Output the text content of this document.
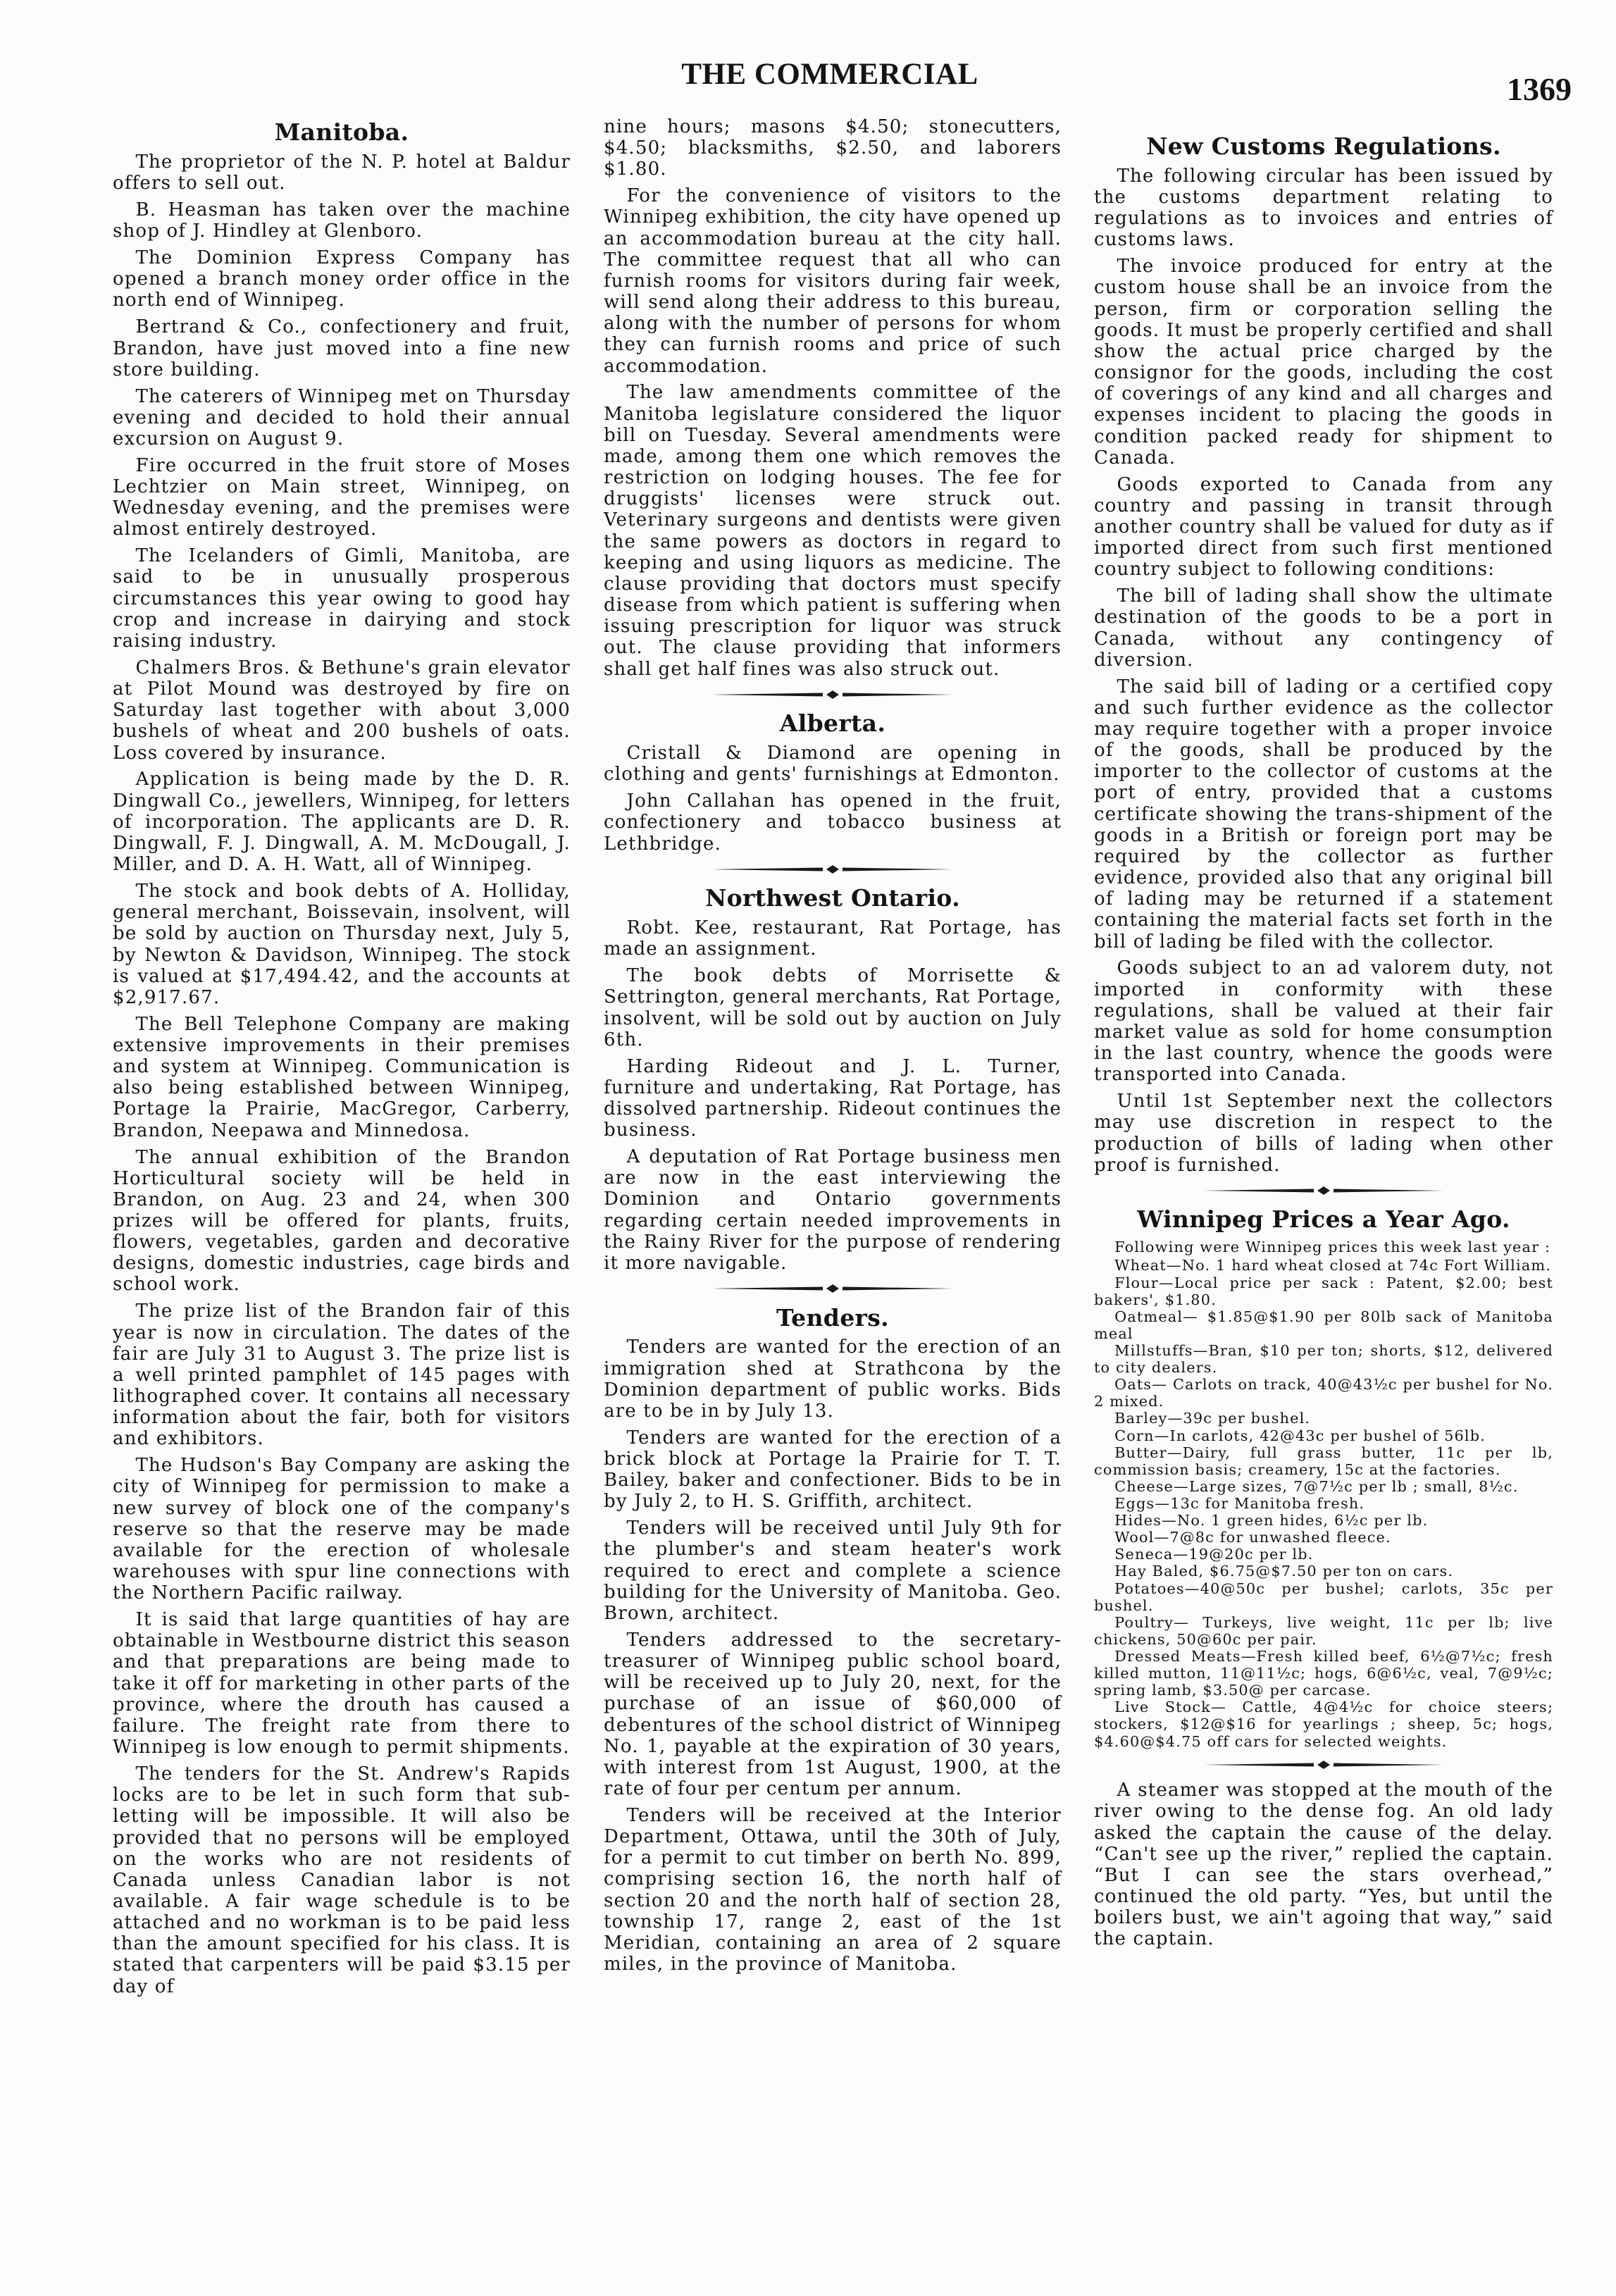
THE COMMERCIAL	1369
Manitoba.

The proprietor of the N. P. hotel at Baldur offers to sell out.

B. Heasman has taken over the machine shop of J. Hindley at Glenboro.

The Dominion Express Company has opened a branch money order office in the north end of Winnipeg.

Bertrand & Co., confectionery and fruit, Brandon, have just moved into a fine new store building.

The caterers of Winnipeg met on Thursday evening and decided to hold their annual excursion on August 9.

Fire occurred in the fruit store of Moses Lechtzier on Main street, Winnipeg, on Wednesday evening, and the premises were almost entirely destroyed.

The Icelanders of Gimli, Manitoba, are said to be in unusually prosperous circumstances this year owing to good hay crop and increase in dairying and stock raising industry.

Chalmers Bros. & Bethune's grain elevator at Pilot Mound was destroyed by fire on Saturday last together with about 3,000 bushels of wheat and 200 bushels of oats. Loss covered by insurance.

Application is being made by the D. R. Dingwall Co., jewellers, Winnipeg, for letters of incorporation. The applicants are D. R. Dingwall, F. J. Dingwall, A. M. McDougall, J. Miller, and D. A. H. Watt, all of Winnipeg.

The stock and book debts of A. Holliday, general merchant, Boissevain, insolvent, will be sold by auction on Thursday next, July 5, by Newton & Davidson, Winnipeg. The stock is valued at $17,494.42, and the accounts at $2,917.67.

The Bell Telephone Company are making extensive improvements in their premises and system at Winnipeg. Communication is also being established between Winnipeg, Portage la Prairie, MacGregor, Carberry, Brandon, Neepawa and Minnedosa.

The annual exhibition of the Brandon Horticultural society will be held in Brandon, on Aug. 23 and 24, when 300 prizes will be offered for plants, fruits, flowers, vegetables, garden and decorative designs, domestic industries, cage birds and school work.

The prize list of the Brandon fair of this year is now in circulation. The dates of the fair are July 31 to August 3. The prize list is a well printed pamphlet of 145 pages with lithographed cover. It contains all necessary information about the fair, both for visitors and exhibitors.

The Hudson's Bay Company are asking the city of Winnipeg for permission to make a new survey of block one of the company's reserve so that the reserve may be made available for the erection of wholesale warehouses with spur line connections with the Northern Pacific railway.

It is said that large quantities of hay are obtainable in Westbourne district this season and that preparations are being made to take it off for marketing in other parts of the province, where the drouth has caused a failure. The freight rate from there to Winnipeg is low enough to permit shipments.

The tenders for the St. Andrew's Rapids locks are to be let in such form that sub-letting will be impossible. It will also be provided that no persons will be employed on the works who are not residents of Canada unless Canadian labor is not available. A fair wage schedule is to be attached and no workman is to be paid less than the amount specified for his class. It is stated that carpenters will be paid $3.15 per day of

nine hours; masons $4.50; stonecutters, $4.50; blacksmiths, $2.50, and laborers $1.80.

For the convenience of visitors to the Winnipeg exhibition, the city have opened up an accommodation bureau at the city hall. The committee request that all who can furnish rooms for visitors during fair week, will send along their address to this bureau, along with the number of persons for whom they can furnish rooms and price of such accommodation.

The law amendments committee of the Manitoba legislature considered the liquor bill on Tuesday. Several amendments were made, among them one which removes the restriction on lodging houses. The fee for druggists' licenses were struck out. Veterinary surgeons and dentists were given the same powers as doctors in regard to keeping and using liquors as medicine. The clause providing that doctors must specify disease from which patient is suffering when issuing prescription for liquor was struck out. The clause providing that informers shall get half fines was also struck out.

Alberta.

Cristall & Diamond are opening in clothing and gents' furnishings at Edmonton.

John Callahan has opened in the fruit, confectionery and tobacco business at Lethbridge.

Northwest Ontario.

Robt. Kee, restaurant, Rat Portage, has made an assignment.

The book debts of Morrisette & Settrington, general merchants, Rat Portage, insolvent, will be sold out by auction on July 6th.

Harding Rideout and J. L. Turner, furniture and undertaking, Rat Portage, has dissolved partnership. Rideout continues the business.

A deputation of Rat Portage business men are now in the east interviewing the Dominion and Ontario governments regarding certain needed improvements in the Rainy River for the purpose of rendering it more navigable.

Tenders.

Tenders are wanted for the erection of an immigration shed at Strathcona by the Dominion department of public works. Bids are to be in by July 13.

Tenders are wanted for the erection of a brick block at Portage la Prairie for T. T. Bailey, baker and confectioner. Bids to be in by July 2, to H. S. Griffith, architect.

Tenders will be received until July 9th for the plumber's and steam heater's work required to erect and complete a science building for the University of Manitoba. Geo. Brown, architect.

Tenders addressed to the secretary-treasurer of Winnipeg public school board, will be received up to July 20, next, for the purchase of an issue of $60,000 of debentures of the school district of Winnipeg No. 1, payable at the expiration of 30 years, with interest from 1st August, 1900, at the rate of four per centum per annum.

Tenders will be received at the Interior Department, Ottawa, until the 30th of July, for a permit to cut timber on berth No. 899, comprising section 16, the north half of section 20 and the north half of section 28, township 17, range 2, east of the 1st Meridian, containing an area of 2 square miles, in the province of Manitoba.

New Customs Regulations.

The following circular has been issued by the customs department relating to regulations as to invoices and entries of customs laws.

The invoice produced for entry at the custom house shall be an invoice from the person, firm or corporation selling the goods. It must be properly certified and shall show the actual price charged by the consignor for the goods, including the cost of coverings of any kind and all charges and expenses incident to placing the goods in condition packed ready for shipment to Canada.

Goods exported to Canada from any country and passing in transit through another country shall be valued for duty as if imported direct from such first mentioned country subject to following conditions:

The bill of lading shall show the ultimate destination of the goods to be a port in Canada, without any contingency of diversion.

The said bill of lading or a certified copy and such further evidence as the collector may require together with a proper invoice of the goods, shall be produced by the importer to the collector of customs at the port of entry, provided that a customs certificate showing the trans-shipment of the goods in a British or foreign port may be required by the collector as further evidence, provided also that any original bill of lading may be returned if a statement containing the material facts set forth in the bill of lading be filed with the collector.

Goods subject to an ad valorem duty, not imported in conformity with these regulations, shall be valued at their fair market value as sold for home consumption in the last country, whence the goods were transported into Canada.

Until 1st September next the collectors may use discretion in respect to the production of bills of lading when other proof is furnished.

Winnipeg Prices a Year Ago.

Following were Winnipeg prices this week last year :

Wheat—No. 1 hard wheat closed at 74c Fort William.

Flour—Local price per sack : Patent, $2.00; best bakers', $1.80.

Oatmeal— $1.85@$1.90 per 80lb sack of Manitoba meal

Millstuffs—Bran, $10 per ton; shorts, $12, delivered to city dealers.

Oats— Carlots on track, 40@43½c per bushel for No. 2 mixed.

Barley—39c per bushel.

Corn—In carlots, 42@43c per bushel of 56lb.

Butter—Dairy, full grass butter, 11c per lb, commission basis; creamery, 15c at the factories.

Cheese—Large sizes, 7@7½c per lb ; small, 8½c.

Eggs—13c for Manitoba fresh.

Hides—No. 1 green hides, 6½c per lb.

Wool—7@8c for unwashed fleece.

Seneca—19@20c per lb.

Hay Baled, $6.75@$7.50 per ton on cars.

Potatoes—40@50c per bushel; carlots, 35c per bushel.

Poultry— Turkeys, live weight, 11c per lb; live chickens, 50@60c per pair.

Dressed Meats—Fresh killed beef, 6½@7½c; fresh killed mutton, 11@11½c; hogs, 6@6½c, veal, 7@9½c; spring lamb, $3.50@ per carcase.

Live Stock— Cattle, 4@4½c for choice steers; stockers, $12@$16 for yearlings ; sheep, 5c; hogs, $4.60@$4.75 off cars for selected weights.

A steamer was stopped at the mouth of the river owing to the dense fog. An old lady asked the captain the cause of the delay. “Can't see up the river,” replied the captain. “But I can see the stars overhead,” continued the old party. “Yes, but until the boilers bust, we ain't agoing that way,” said the captain.
